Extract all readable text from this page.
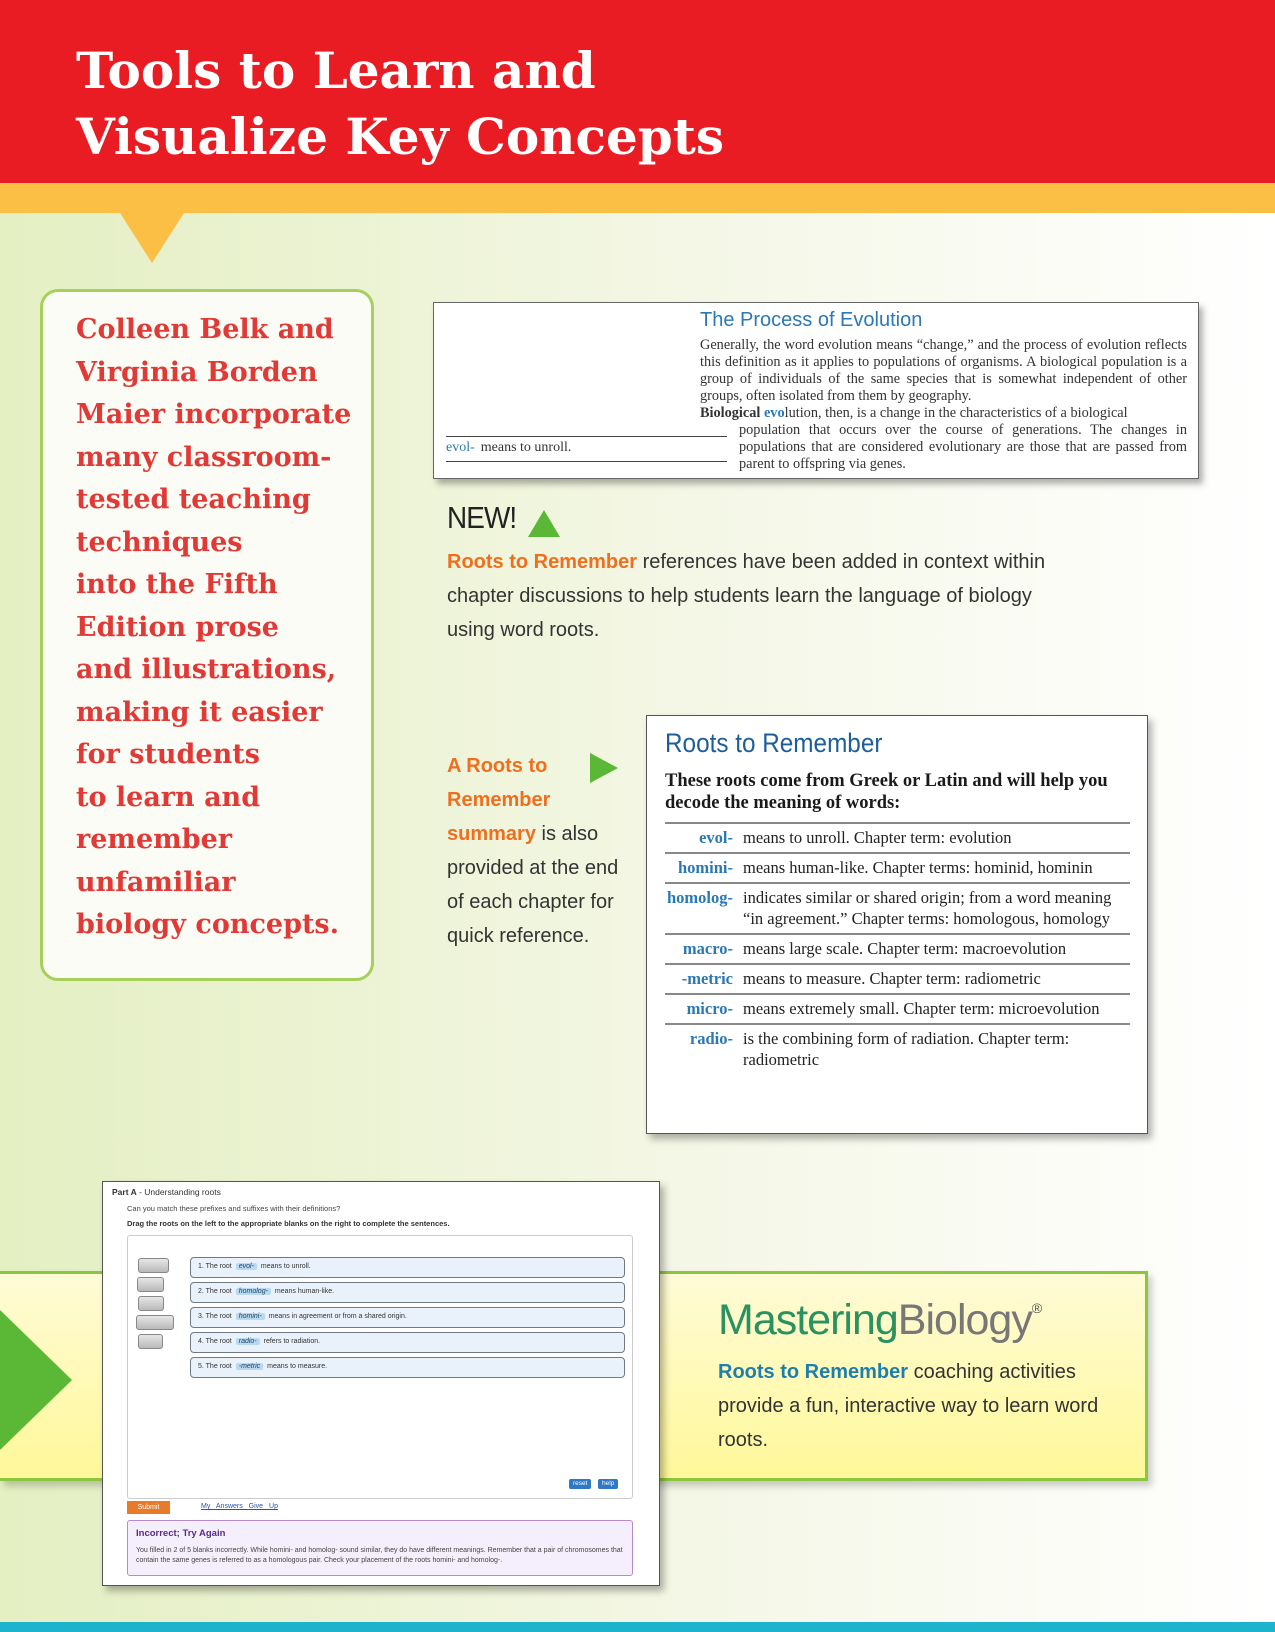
Tools to Learn and
Visualize Key Concepts
Colleen Belk and
Virginia Borden
Maier incorporate
many classroom-
tested teaching
techniques
into the Fifth
Edition prose
and illustrations,
making it easier
for students
to learn and
remember
unfamiliar
biology concepts.
The Process of Evolution
Generally, the word evolution means “change,” and the process of evolution reflects this definition as it applies to populations of organisms. A biological population is a group of individuals of the same species that is somewhat independent of other groups, often isolated from them by geography.
Biological evolution, then, is a change in the characteristics of a biological
population that occurs over the course of generations. The changes in populations that are considered evolutionary are those that are passed from parent to offspring via genes.
evol- means to unroll.
NEW!
Roots to Remember references have been added in context within chapter discussions to help students learn the language of biology using word roots.
A Roots to Remember summary is also provided at the end of each chapter for quick reference.
Roots to Remember
These roots come from Greek or Latin and will help you decode the meaning of words:
evol- means to unroll. Chapter term: evolution
homini- means human-like. Chapter terms: hominid, hominin
homolog- indicates similar or shared origin; from a word meaning “in agreement.” Chapter terms: homologous, homology
macro- means large scale. Chapter term: macroevolution
-metric means to measure. Chapter term: radiometric
micro- means extremely small. Chapter term: microevolution
radio- is the combining form of radiation. Chapter term: radiometric
MasteringBiology®
Roots to Remember coaching activities provide a fun, interactive way to learn word roots.
Part A - Understanding roots
Can you match these prefixes and suffixes with their definitions?
Drag the roots on the left to the appropriate blanks on the right to complete the sentences.
1. The root evol- means to unroll.
2. The root homolog- means human-like.
3. The root homini- means in agreement or from a shared origin.
4. The root radio- refers to radiation.
5. The root -metric means to measure.
reset	help
Submit	My Answers Give Up
Incorrect; Try Again
You filled in 2 of 5 blanks incorrectly. While homini- and homolog- sound similar, they do have different meanings. Remember that a pair of chromosomes that contain the same genes is referred to as a homologous pair. Check your placement of the roots homini- and homolog-.
